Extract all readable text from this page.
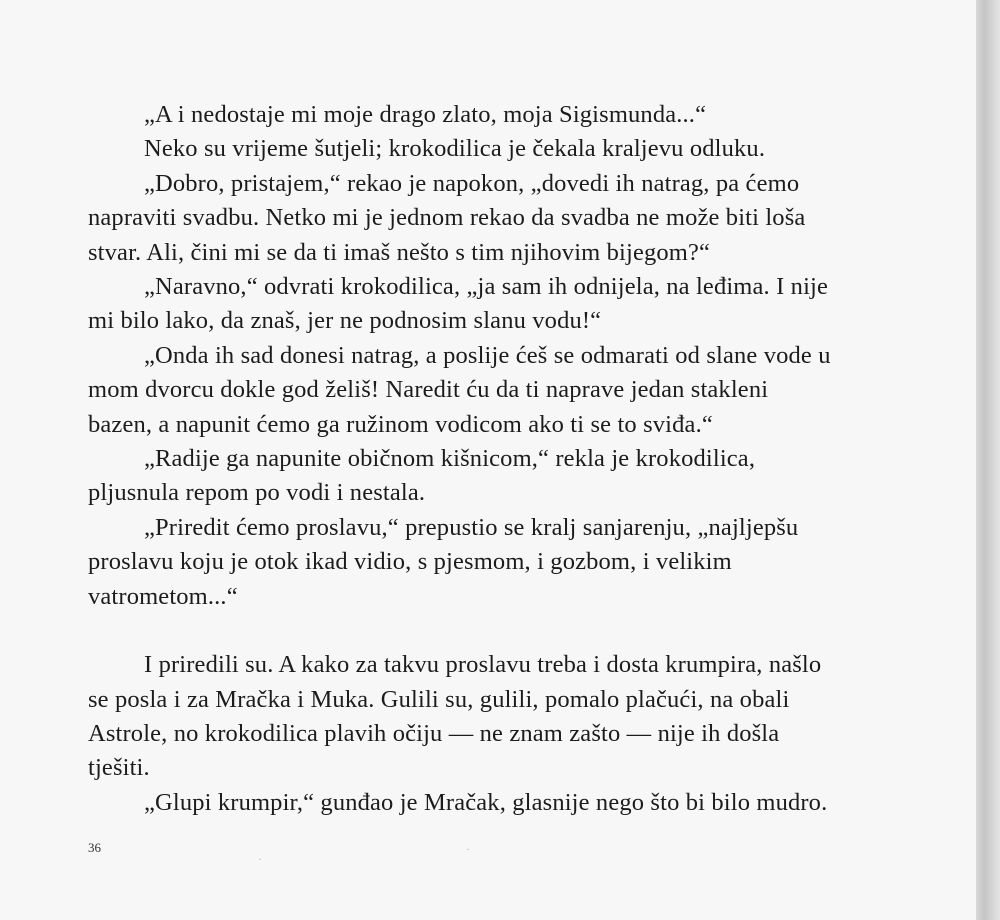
„A i nedostaje mi moje drago zlato, moja Sigismunda...“

Neko su vrijeme šutjeli; krokodilica je čekala kraljevu odluku.

„Dobro, pristajem,“ rekao je napokon, „dovedi ih natrag, pa ćemo
napraviti svadbu. Netko mi je jednom rekao da svadba ne može biti loša
stvar. Ali, čini mi se da ti imaš nešto s tim njihovim bijegom?“

„Naravno,“ odvrati krokodilica, „ja sam ih odnijela, na leđima. I nije
mi bilo lako, da znaš, jer ne podnosim slanu vodu!“

„Onda ih sad donesi natrag, a poslije ćeš se odmarati od slane vode u
mom dvorcu dokle god želiš! Naredit ću da ti naprave jedan stakleni
bazen, a napunit ćemo ga ružinom vodicom ako ti se to sviđa.“

„Radije ga napunite običnom kišnicom,“ rekla je krokodilica,
pljusnula repom po vodi i nestala.

„Priredit ćemo proslavu,“ prepustio se kralj sanjarenju, „najljepšu
proslavu koju je otok ikad vidio, s pjesmom, i gozbom, i velikim
vatrometom...“

I priredili su. A kako za takvu proslavu treba i dosta krumpira, našlo
se posla i za Mračka i Muka. Gulili su, gulili, pomalo plačući, na obali
Astrole, no krokodilica plavih očiju — ne znam zašto — nije ih došla
tješiti.

„Glupi krumpir,“ gunđao je Mračak, glasnije nego što bi bilo mudro.

36
·
·
